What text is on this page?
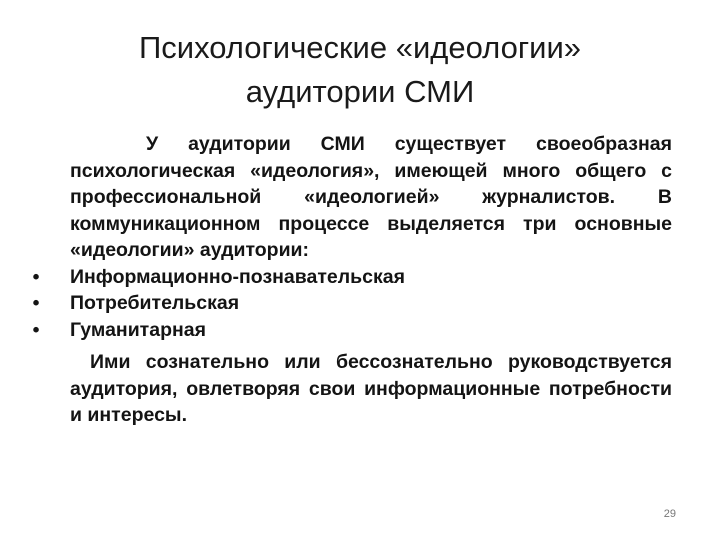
Психологические «идеологии»
аудитории СМИ

У аудитории СМИ существует своеобразная психологическая «идеология», имеющей много общего с профессиональной «идеологией» журналистов. В коммуникационном процессе выделяется три основные «идеологии» аудитории:

•	Информационно-познавательская
•	Потребительская
•	Гуманитарная

Ими сознательно или бессознательно руководствуется аудитория, овлетворяя свои информационные потребности и интересы.

29
